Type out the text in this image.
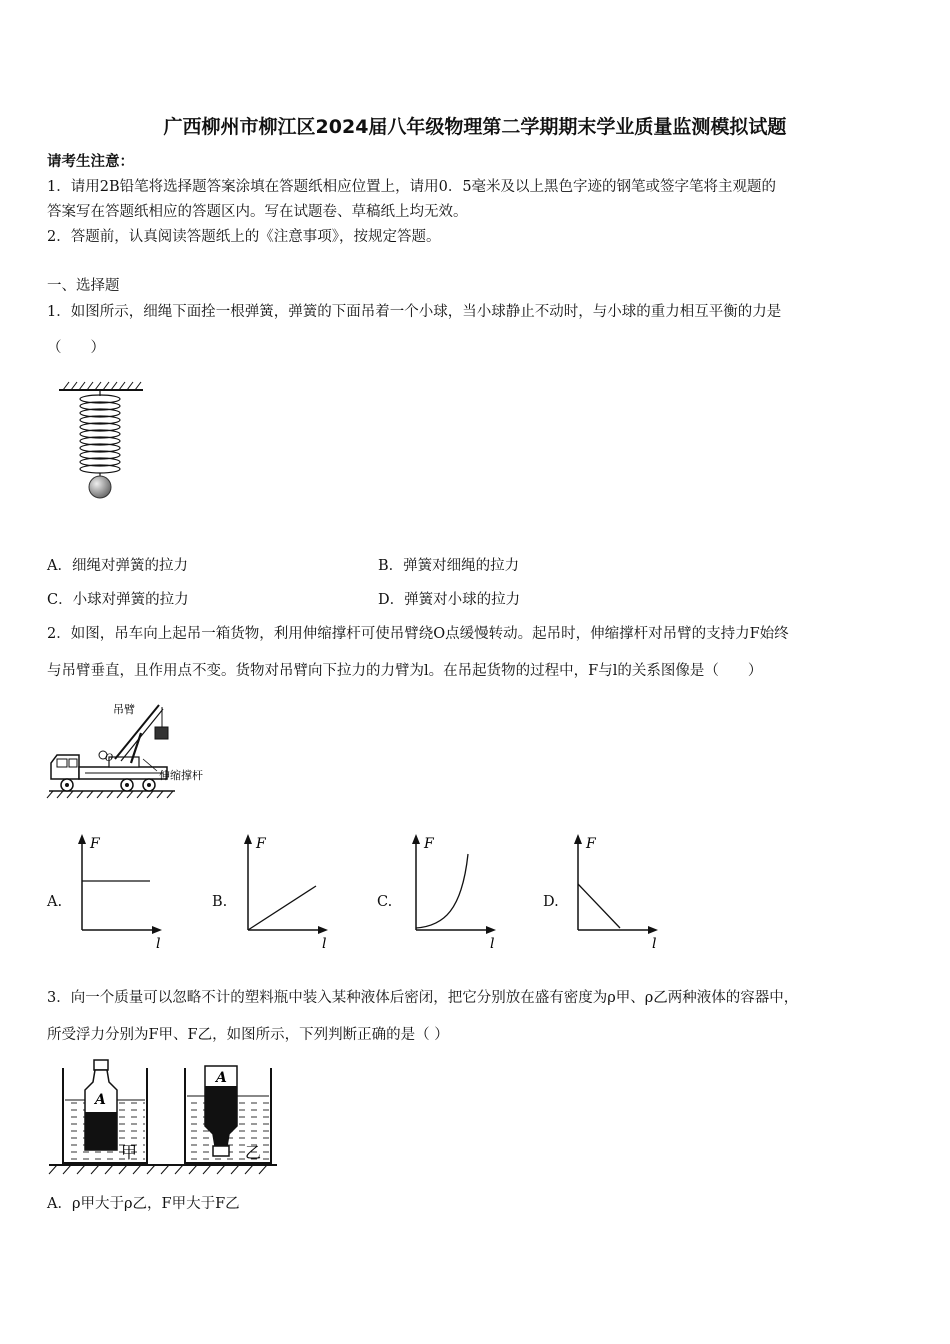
广西柳州市柳江区2024届八年级物理第二学期期末学业质量监测模拟试题
请考生注意：
1．请用2B铅笔将选择题答案涂填在答题纸相应位置上，请用0．5毫米及以上黑色字迹的钢笔或签字笔将主观题的
答案写在答题纸相应的答题区内。写在试题卷、草稿纸上均无效。
2．答题前，认真阅读答题纸上的《注意事项》，按规定答题。
一、选择题
1．如图所示，细绳下面拴一根弹簧，弹簧的下面吊着一个小球，当小球静止不动时，与小球的重力相互平衡的力是
（　　）
A．细绳对弹簧的拉力	B．弹簧对细绳的拉力
C．小球对弹簧的拉力	D．弹簧对小球的拉力
2．如图，吊车向上起吊一箱货物，利用伸缩撑杆可使吊臂绕O点缓慢转动。起吊时，伸缩撑杆对吊臂的支持力F始终
与吊臂垂直，且作用点不变。货物对吊臂向下拉力的力臂为l。在吊起货物的过程中，F与l的关系图像是（　　）
吊臂
O
伸缩撑杆
A.
F
l
B.
F
l
C.
F
l
D.
F
l
3．向一个质量可以忽略不计的塑料瓶中装入某种液体后密闭，把它分别放在盛有密度为ρ甲、ρ乙两种液体的容器中，
所受浮力分别为F甲、F乙，如图所示，下列判断正确的是（ ）
A
甲
A
乙
A．ρ甲大于ρ乙，F甲大于F乙
